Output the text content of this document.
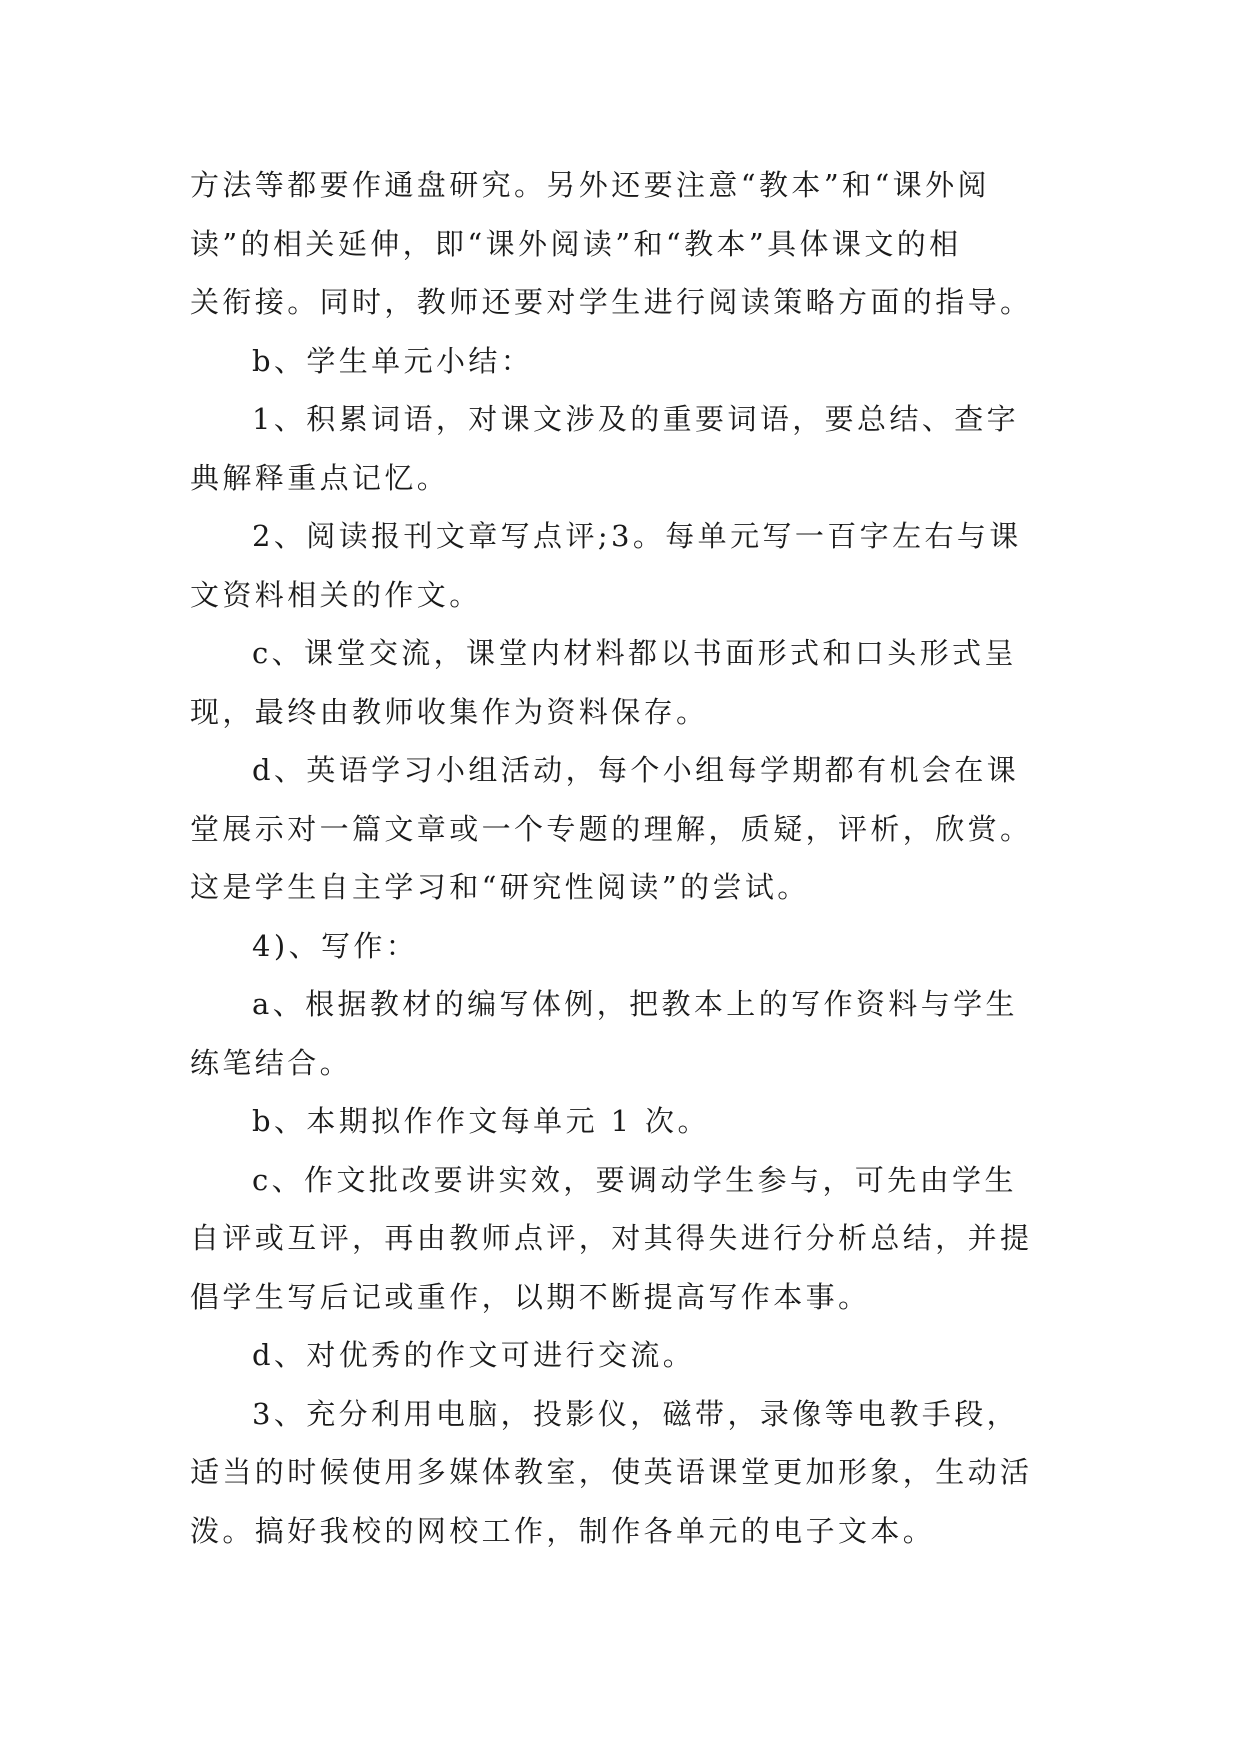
方法等都要作通盘研究。另外还要注意“教本”和“课外阅
读”的相关延伸，即“课外阅读”和“教本”具体课文的相
关衔接。同时，教师还要对学生进行阅读策略方面的指导。
b、学生单元小结：
1、积累词语，对课文涉及的重要词语，要总结、查字
典解释重点记忆。
2、阅读报刊文章写点评;3。每单元写一百字左右与课
文资料相关的作文。
c、课堂交流，课堂内材料都以书面形式和口头形式呈
现，最终由教师收集作为资料保存。
d、英语学习小组活动，每个小组每学期都有机会在课
堂展示对一篇文章或一个专题的理解，质疑，评析，欣赏。
这是学生自主学习和“研究性阅读”的尝试。
4)、写作：
a、根据教材的编写体例，把教本上的写作资料与学生
练笔结合。
b、本期拟作作文每单元 1 次。
c、作文批改要讲实效，要调动学生参与，可先由学生
自评或互评，再由教师点评，对其得失进行分析总结，并提
倡学生写后记或重作，以期不断提高写作本事。
d、对优秀的作文可进行交流。
3、充分利用电脑，投影仪，磁带，录像等电教手段，
适当的时候使用多媒体教室，使英语课堂更加形象，生动活
泼。搞好我校的网校工作，制作各单元的电子文本。
